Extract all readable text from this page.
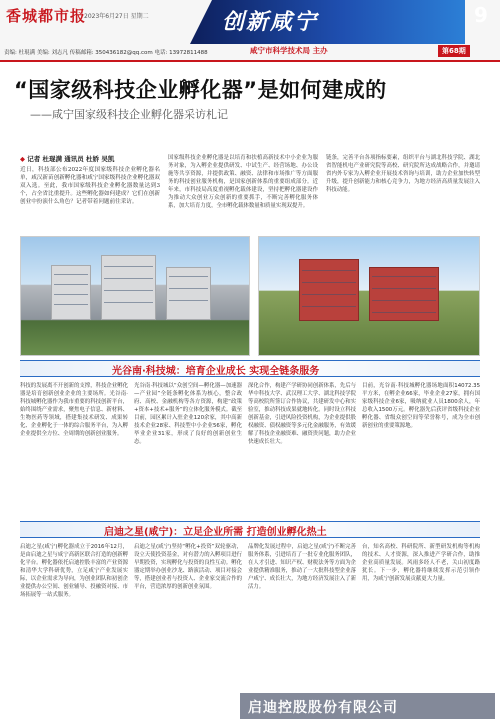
香城都市报
2023年6月27日 星期二	创新咸宁	9
咸宁市科学技术局 主办	第68期
责编: 杜琨满 美编: 刘志凡 传稿邮箱: 350436182@qq.com 电话: 13972811488
“国家级科技企业孵化器”是如何建成的
——咸宁国家级科技企业孵化器采访札记
◆ 记者 杜琨满 通讯员 杜娇 吴凯
近日，科技部公布2022年度国家级科技企业孵化器名单，咸汉新苗创新孵化器和咸宁国家级科技企业孵化器双双入选。至此，我市国家级科技企业孵化器数量达到3个，占全省比重提升。这些孵化器如何建成？它们在创新创业中扮演什么角色？记者带着问题前往采访。
国家级科技企业孵化器是以培育和扶植高新技术中小企业为服务对象，为入孵企业提供研发、中试生产、经营场地、办公设施等共享资源，并提供政策、融资、法律和市场推广等方面服务的科技创业服务机构，是国家创新体系的重要组成部分。近年来，市科技局高度重视孵化载体建设，坚持把孵化器建设作为推动大众创业万众创新的重要抓手，不断完善孵化服务体系，加大培育力度，全市孵化载体数量和质量实现双提升。
链条，完善平台各项指标要素，组织平台与湖北科技学院、湖北省智能机电产业研究院等高校、研究院所达成战略合作，并邀请省内外专家为入孵企业开展技术咨询与培训，助力企业加快转型升级，提升创新能力和核心竞争力，为地方经济高质量发展注入科技动能。
光谷南·科技城：培育企业成长 实现全链条服务
科技的发展离不开创新的支撑，科技企业孵化器是培育创新创业企业的主要场所。光谷南·科技城孵化器作为我市重要的科技创新平台，始终围绕产业需求，聚焦电子信息、新材料、生物医药等领域，搭建集技术研发、成果转化、企业孵化于一体的综合服务平台，为入孵企业提供全方位、全周期的创新创业服务。
光谷南·科技城以“众创空间—孵化器—加速器—产业园”全链条孵化体系为核心，整合政府、高校、金融机构等各方资源，构建“政策+资本+技术+服务”的立体化服务模式。截至目前，园区累计入驻企业120余家，其中高新技术企业28家、科技型中小企业56家，孵化毕业企业31家，形成了良好的创新创业生态。
深化合作，构建产学研协同创新体系，先后与华中科技大学、武汉理工大学、湖北科技学院等高校院所签订合作协议，共建研发中心和实验室，推动科技成果就地转化。同时设立科技创新基金，引进风险投资机构，为企业提供股权融资、债权融资等多元化金融服务，有效缓解了科技企业融资难、融资贵问题，助力企业快速成长壮大。
目前，光谷南·科技城孵化器场地面积14072.35平方米，在孵企业66家，毕业企业27家，拥有国家级科技企业6家，吸纳就业人员1800余人，年总收入1500万元。孵化器先后获评省级科技企业孵化器、省级众创空间等荣誉称号，成为全市创新创业的重要策源地。
启迪之星(咸宁)：立足企业所需 打造创业孵化热土
启迪之星(咸宁)孵化器成立于2016年12月，是由启迪之星与咸宁高新区联合打造的创新孵化平台。孵化器依托启迪控股丰富的产业资源和清华大学科研优势，立足咸宁产业发展实际，以企业需求为导向，为创业团队和初创企业提供办公空间、创业辅导、投融资对接、市场拓展等一站式服务。
启迪之星(咸宁)坚持“孵化+投资”双轮驱动，设立天使投资基金，对有潜力的入孵项目进行早期投资，实现孵化与投资的良性互动。孵化器定期举办创业沙龙、路演活动、项目对接会等，搭建创业者与投资人、企业家交流合作的平台，营造浓厚的创新创业氛围。
品牌化发展过程中，启迪之星(咸宁)不断完善服务体系，引进培育了一批专业化服务团队，在人才引进、知识产权、财税法务等方面为企业提供精准服务，推动了一大批科技型企业落户咸宁、成长壮大，为地方经济发展注入了新活力。
台，知名高校、科研院所、新型研发机构等机构的技术、人才资源，深入推进产学研合作，助推企业高质量发展。风雨多经人不老，关山初度路犹长。下一步，孵化器将继续发挥示范引领作用，为咸宁创新发展贡献更大力量。
启迪控股股份有限公司
